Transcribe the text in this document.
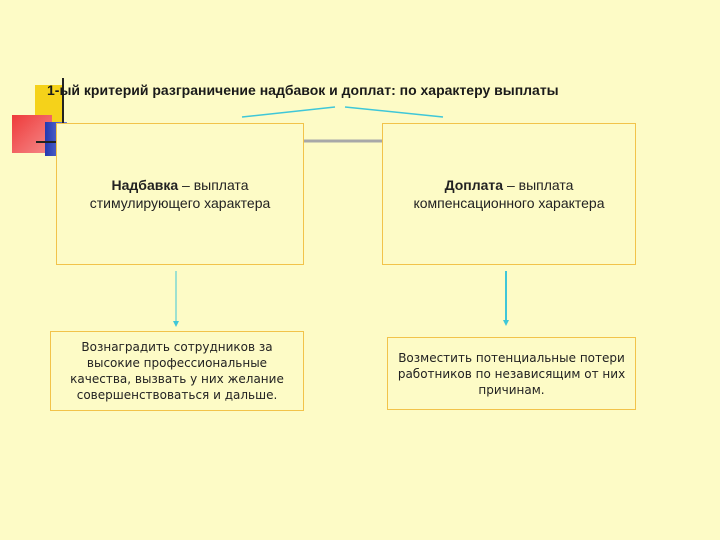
1-ый критерий разграничение надбавок и доплат: по характеру выплаты
Надбавка – выплата стимулирующего характера
Доплата – выплата компенсационного характера
Вознаградить сотрудников за высокие профессиональные качества, вызвать у них желание совершенствоваться и дальше.
Возместить потенциальные потери работников по независящим от них причинам.
